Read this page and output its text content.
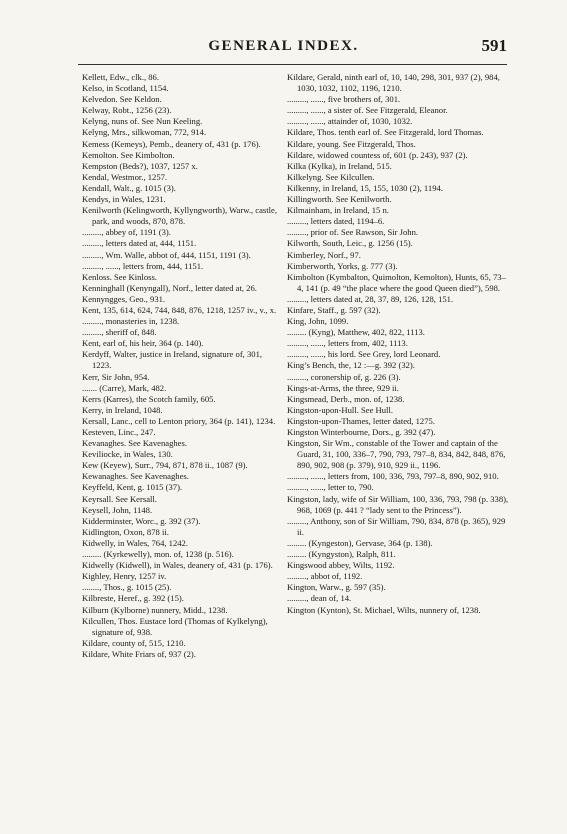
GENERAL INDEX.	591

Kellett, Edw., clk., 86.

Kelso, in Scotland, 1154.

Kelvedon. See Keldon.

Kelway, Robt., 1256 (23).

Kelyng, nuns of. See Nun Keeling.

Kelyng, Mrs., silkwoman, 772, 914.

Kemess (Kemeys), Pemb., deanery of, 431 (p. 176).

Kemolton. See Kimbolton.

Kempston (Beds?), 1037, 1257 x.

Kendal, Westmor., 1257.

Kendall, Walt., g. 1015 (3).

Kendys, in Wales, 1231.

Kenilworth (Kelingworth, Kyllyngworth), Warw., castle, park, and woods, 870, 878.

........., abbey of, 1191 (3).

........., letters dated at, 444, 1151.

........., Wm. Walle, abbot of, 444, 1151, 1191 (3).

........., ......, letters from, 444, 1151.

Kenloss. See Kinloss.

Kenninghall (Kenyngall), Norf., letter dated at, 26.

Kennyngges, Geo., 931.

Kent, 135, 614, 624, 744, 848, 876, 1218, 1257 iv., v., x.

........., monasteries in, 1238.

........., sheriff of, 848.

Kent, earl of, his heir, 364 (p. 140).

Kerdyff, Walter, justice in Ireland, signature of, 301, 1223.

Kerr, Sir John, 954.

....... (Carre), Mark, 482.

Kerrs (Karres), the Scotch family, 605.

Kerry, in Ireland, 1048.

Kersall, Lanc., cell to Lenton priory, 364 (p. 141), 1234.

Kesteven, Linc., 247.

Kevanaghes. See Kavenaghes.

Keviliocke, in Wales, 130.

Kew (Keyew), Surr., 794, 871, 878 ii., 1087 (9).

Kewanaghes. See Kavenaghes.

Keyffeld, Kent, g. 1015 (37).

Keyrsall. See Kersall.

Keysell, John, 1148.

Kidderminster, Worc., g. 392 (37).

Kidlington, Oxon, 878 ii.

Kidwelly, in Wales, 764, 1242.

......... (Kyrkewelly), mon. of, 1238 (p. 516).

Kidwelly (Kidwell), in Wales, deanery of, 431 (p. 176).

Kighley, Henry, 1257 iv.

........, Thos., g. 1015 (25).

Kilbreste, Heref., g. 392 (15).

Kilburn (Kylborne) nunnery, Midd., 1238.

Kilcullen, Thos. Eustace lord (Thomas of Kylkelyng), signature of, 938.

Kildare, county of, 515, 1210.

Kildare, White Friars of, 937 (2).

Kildare, Gerald, ninth earl of, 10, 140, 298, 301, 937 (2), 984, 1030, 1032, 1102, 1196, 1210.

........., ......, five brothers of, 301.

........., ......, a sister of. See Fitzgerald, Eleanor.

........., ......, attainder of, 1030, 1032.

Kildare, Thos. tenth earl of. See Fitzgerald, lord Thomas.

Kildare, young. See Fitzgerald, Thos.

Kildare, widowed countess of, 601 (p. 243), 937 (2).

Kilka (Kylka), in Ireland, 515.

Kilkelyng. See Kilcullen.

Kilkenny, in Ireland, 15, 155, 1030 (2), 1194.

Killingworth. See Kenilworth.

Kilmainham, in Ireland, 15 n.

........., letters dated, 1194–6.

........., prior of. See Rawson, Sir John.

Kilworth, South, Leic., g. 1256 (15).

Kimberley, Norf., 97.

Kimberworth, Yorks, g. 777 (3).

Kimbolton (Kymbalton, Quimolton, Kemolton), Hunts, 65, 73–4, 141 (p. 49 “the place where the good Queen died”), 598.

........., letters dated at, 28, 37, 89, 126, 128, 151.

Kinfare, Staff., g. 597 (32).

King, John, 1099.

......... (Kyng), Matthew, 402, 822, 1113.

........., ......, letters from, 402, 1113.

........., ......, his lord. See Grey, lord Leonard.

King’s Bench, the, 12 :—g. 392 (32).

........., coronership of, g. 226 (3).

Kings-at-Arms, the three, 929 ii.

Kingsmead, Derb., mon. of, 1238.

Kingston-upon-Hull. See Hull.

Kingston-upon-Thames, letter dated, 1275.

Kingston Winterbourne, Dors., g. 392 (47).

Kingston, Sir Wm., constable of the Tower and captain of the Guard, 31, 100, 336–7, 790, 793, 797–8, 834, 842, 848, 876, 890, 902, 908 (p. 379), 910, 929 ii., 1196.

........., ......, letters from, 100, 336, 793, 797–8, 890, 902, 910.

........., ......, letter to, 790.

Kingston, lady, wife of Sir William, 100, 336, 793, 798 (p. 338), 968, 1069 (p. 441 ? “lady sent to the Princess”).

........., Anthony, son of Sir William, 790, 834, 878 (p. 365), 929 ii.

......... (Kyngeston), Gervase, 364 (p. 138).

......... (Kyngyston), Ralph, 811.

Kingswood abbey, Wilts, 1192.

........., abbot of, 1192.

Kington, Warw., g. 597 (35).

........., dean of, 14.

Kington (Kynton), St. Michael, Wilts, nunnery of, 1238.
